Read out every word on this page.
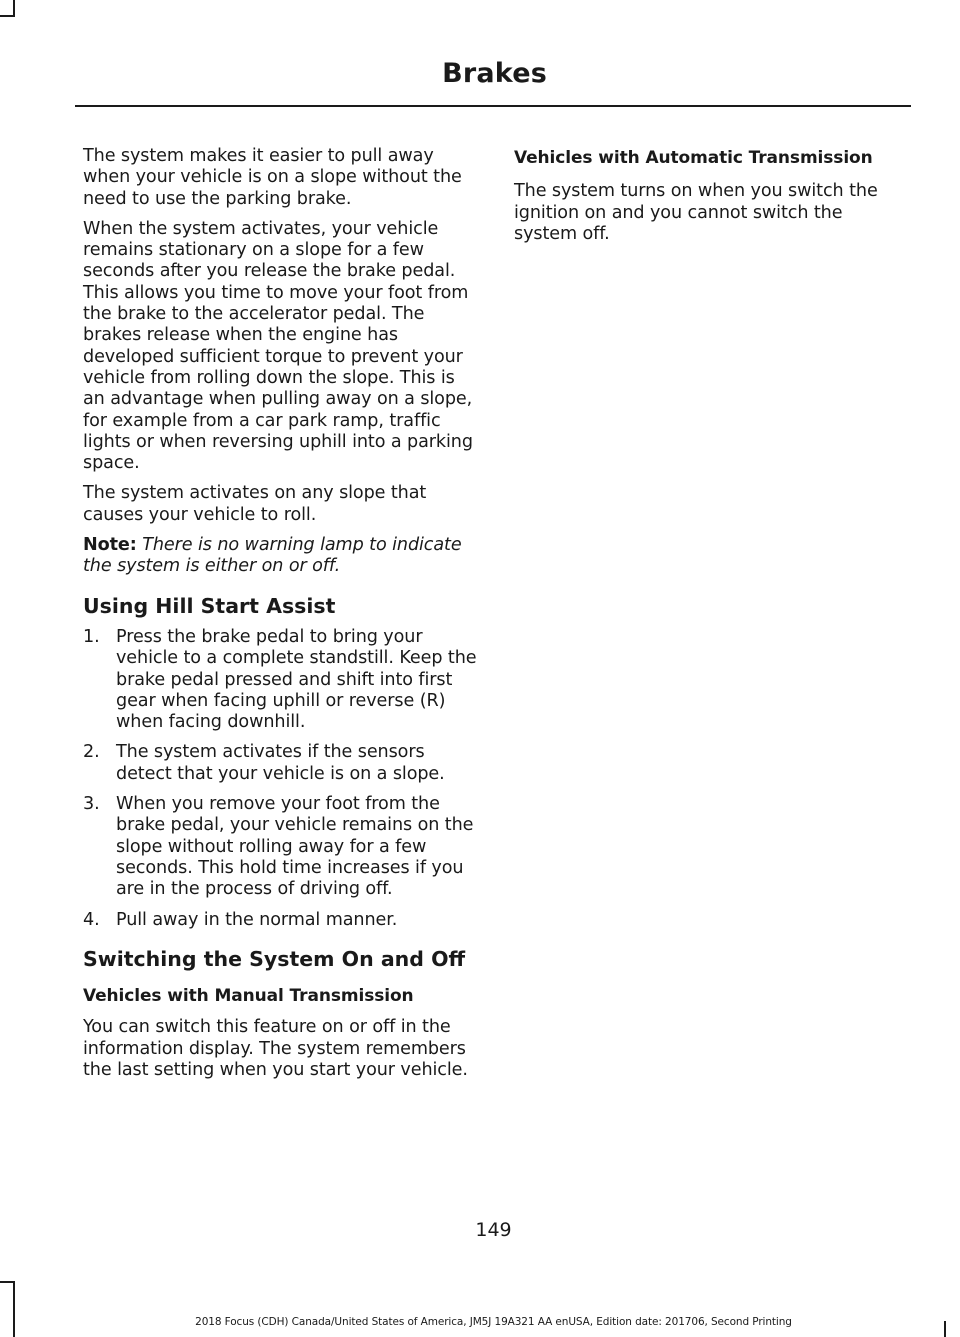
Brakes

The system makes it easier to pull away when your vehicle is on a slope without the need to use the parking brake.

When the system activates, your vehicle remains stationary on a slope for a few seconds after you release the brake pedal. This allows you time to move your foot from the brake to the accelerator pedal. The brakes release when the engine has developed sufficient torque to prevent your vehicle from rolling down the slope. This is an advantage when pulling away on a slope, for example from a car park ramp, traffic lights or when reversing uphill into a parking space.

The system activates on any slope that causes your vehicle to roll.

Note: There is no warning lamp to indicate the system is either on or off.

Using Hill Start Assist
1. Press the brake pedal to bring your vehicle to a complete standstill. Keep the brake pedal pressed and shift into first gear when facing uphill or reverse (R) when facing downhill.
2. The system activates if the sensors detect that your vehicle is on a slope.
3. When you remove your foot from the brake pedal, your vehicle remains on the slope without rolling away for a few seconds. This hold time increases if you are in the process of driving off.
4. Pull away in the normal manner.
Switching the System On and Off
Vehicles with Manual Transmission

You can switch this feature on or off in the information display. The system remembers the last setting when you start your vehicle.

Vehicles with Automatic Transmission

The system turns on when you switch the ignition on and you cannot switch the system off.

149
2018 Focus (CDH) Canada/United States of America, JM5J 19A321 AA enUSA, Edition date: 201706, Second Printing
